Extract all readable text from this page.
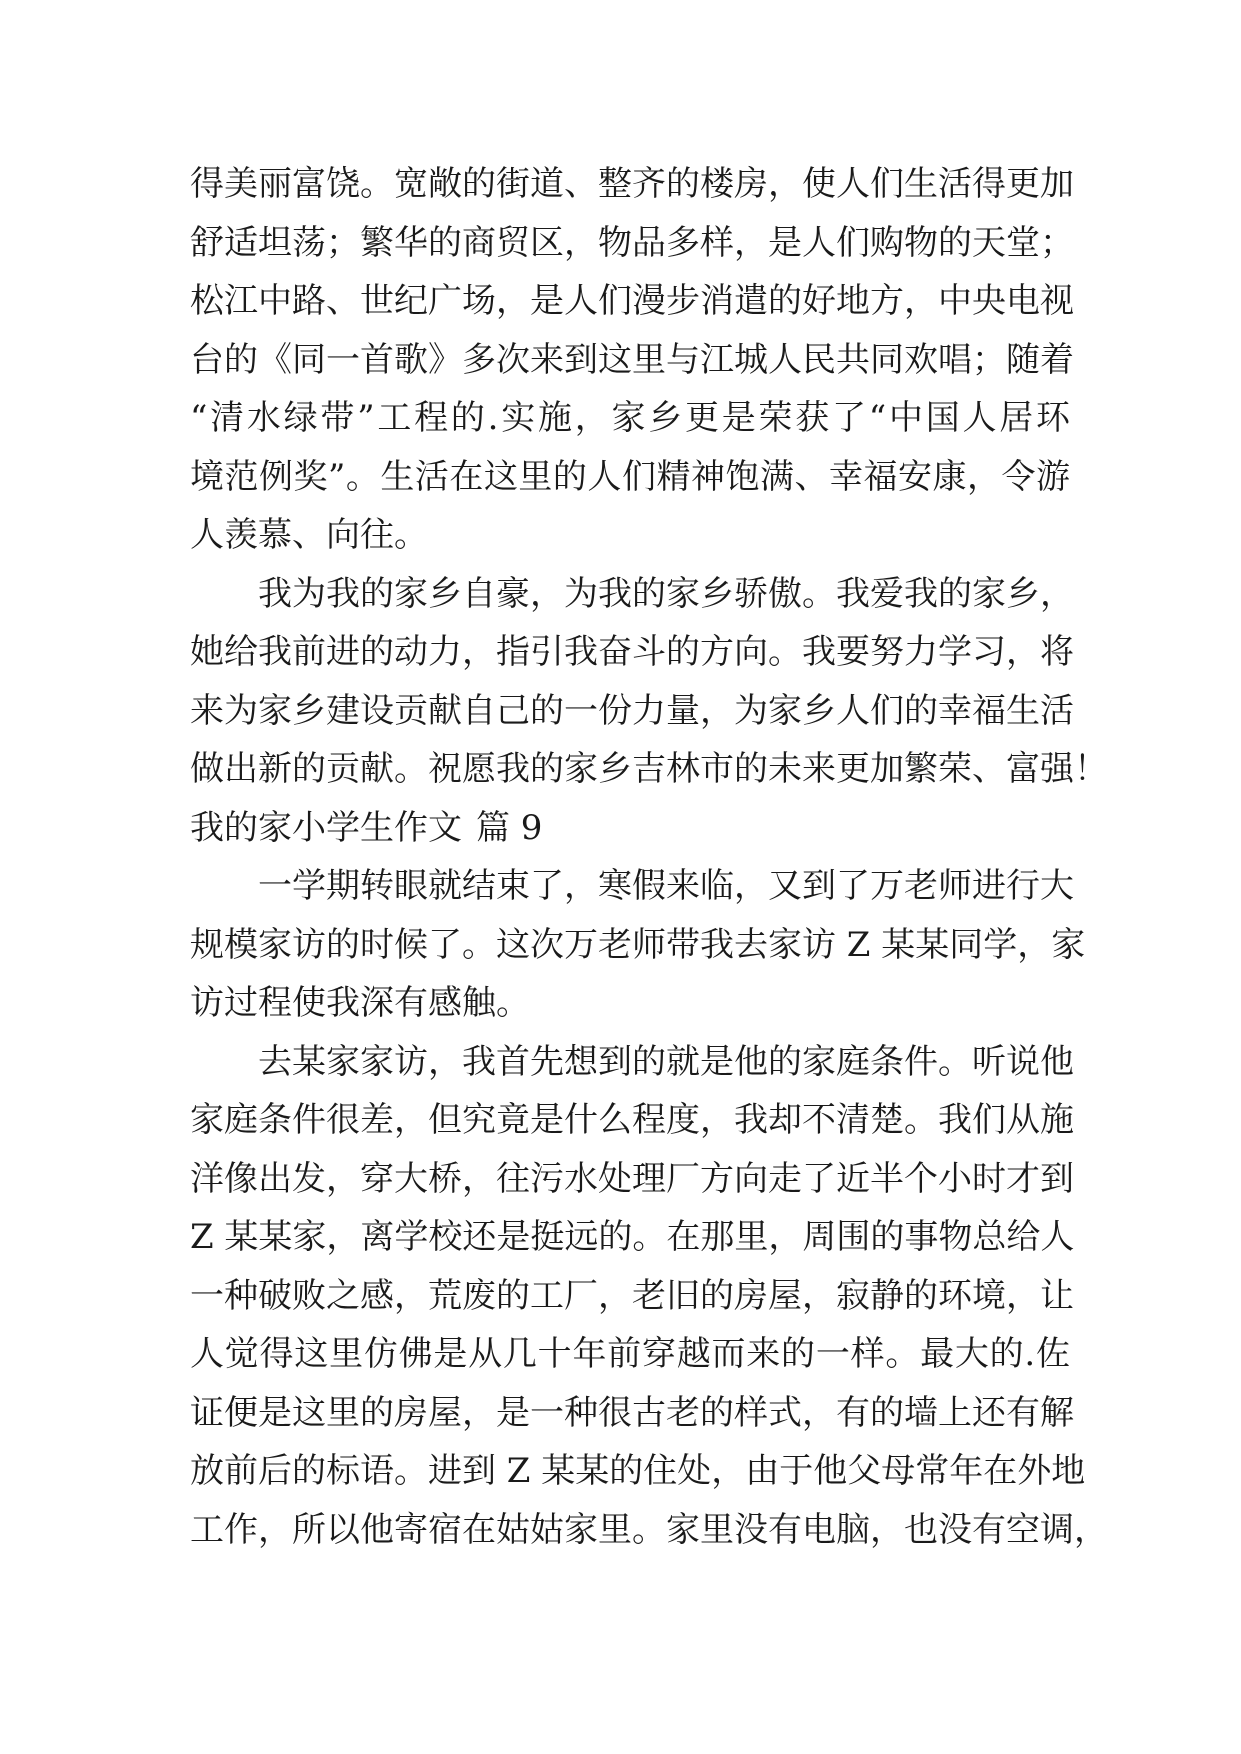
得美丽富饶。宽敞的街道、整齐的楼房，使人们生活得更加
舒适坦荡；繁华的商贸区，物品多样，是人们购物的天堂；
松江中路、世纪广场，是人们漫步消遣的好地方，中央电视
台的《同一首歌》多次来到这里与江城人民共同欢唱；随着
“清水绿带”工程的.实施，家乡更是荣获了“中国人居环
境范例奖”。生活在这里的人们精神饱满、幸福安康，令游
人羡慕、向往。
我为我的家乡自豪，为我的家乡骄傲。我爱我的家乡，
她给我前进的动力，指引我奋斗的方向。我要努力学习，将
来为家乡建设贡献自己的一份力量，为家乡人们的幸福生活
做出新的贡献。祝愿我的家乡吉林市的未来更加繁荣、富强！
我的家小学生作文 篇 9
一学期转眼就结束了，寒假来临，又到了万老师进行大
规模家访的时候了。这次万老师带我去家访 Z 某某同学，家
访过程使我深有感触。
去某家家访，我首先想到的就是他的家庭条件。听说他
家庭条件很差，但究竟是什么程度，我却不清楚。我们从施
洋像出发，穿大桥，往污水处理厂方向走了近半个小时才到
Z 某某家，离学校还是挺远的。在那里，周围的事物总给人
一种破败之感，荒废的工厂，老旧的房屋，寂静的环境，让
人觉得这里仿佛是从几十年前穿越而来的一样。最大的.佐
证便是这里的房屋，是一种很古老的样式，有的墙上还有解
放前后的标语。进到 Z 某某的住处，由于他父母常年在外地
工作，所以他寄宿在姑姑家里。家里没有电脑，也没有空调，
